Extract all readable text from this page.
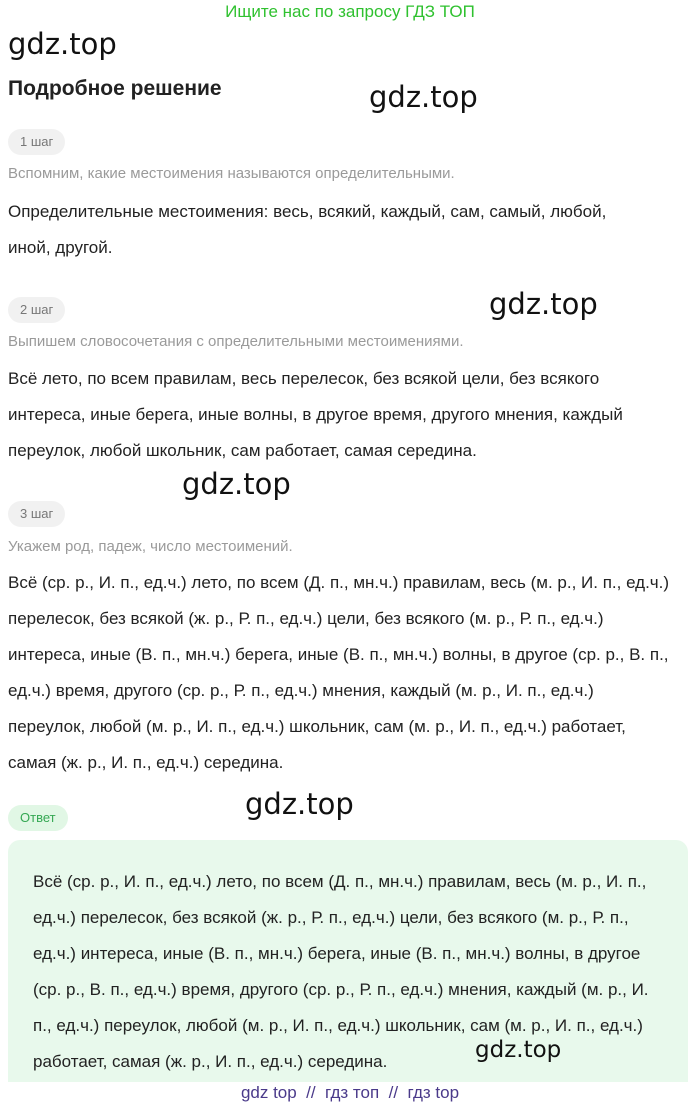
Ищите нас по запросу ГДЗ ТОП
gdz.top
gdz.top
gdz.top
gdz.top
gdz.top
Подробное решение
1 шаг
Вспомним, какие местоимения называются определительными.
Определительные местоимения: весь, всякий, каждый, сам, самый, любой,
иной, другой.
2 шаг
Выпишем словосочетания с определительными местоимениями.
Всё лето, по всем правилам, весь перелесок, без всякой цели, без всякого
интереса, иные берега, иные волны, в другое время, другого мнения, каждый
переулок, любой школьник, сам работает, самая середина.
3 шаг
Укажем род, падеж, число местоимений.
Всё (ср. р., И. п., ед.ч.) лето, по всем (Д. п., мн.ч.) правилам, весь (м. р., И. п., ед.ч.)
перелесок, без всякой (ж. р., Р. п., ед.ч.) цели, без всякого (м. р., Р. п., ед.ч.)
интереса, иные (В. п., мн.ч.) берега, иные (В. п., мн.ч.) волны, в другое (ср. р., В. п.,
ед.ч.) время, другого (ср. р., Р. п., ед.ч.) мнения, каждый (м. р., И. п., ед.ч.)
переулок, любой (м. р., И. п., ед.ч.) школьник, сам (м. р., И. п., ед.ч.) работает,
самая (ж. р., И. п., ед.ч.) середина.
Ответ
Всё (ср. р., И. п., ед.ч.) лето, по всем (Д. п., мн.ч.) правилам, весь (м. р., И. п.,
ед.ч.) перелесок, без всякой (ж. р., Р. п., ед.ч.) цели, без всякого (м. р., Р. п.,
ед.ч.) интереса, иные (В. п., мн.ч.) берега, иные (В. п., мн.ч.) волны, в другое
(ср. р., В. п., ед.ч.) время, другого (ср. р., Р. п., ед.ч.) мнения, каждый (м. р., И.
п., ед.ч.) переулок, любой (м. р., И. п., ед.ч.) школьник, сам (м. р., И. п., ед.ч.)
работает, самая (ж. р., И. п., ед.ч.) середина.	gdz.top
gdz top  //  гдз топ  //  гдз top
